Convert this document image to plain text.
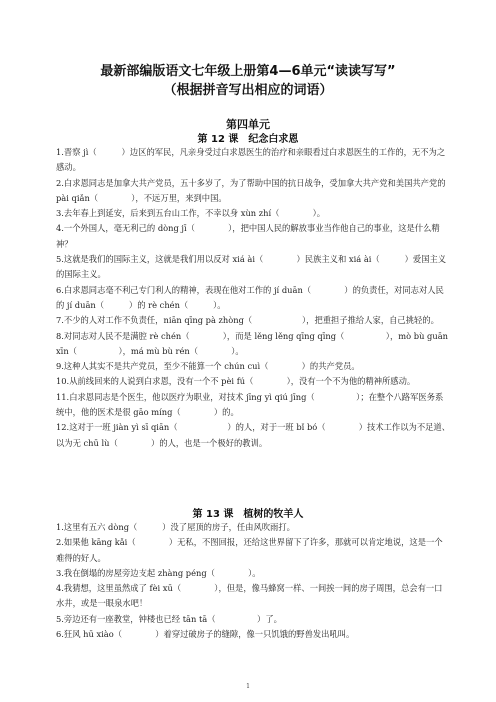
最新部编版语文七年级上册第4—6单元“读读写写”
（根据拼音写出相应的词语）
第四单元
第 12 课　纪念白求恩

1.晋察 jì（　　　）边区的军民，凡亲身受过白求恩医生的治疗和亲眼看过白求恩医生的工作的，无不为之感动。

2.白求恩同志是加拿大共产党员，五十多岁了，为了帮助中国的抗日战争，受加拿大共产党和美国共产党的 pài qiǎn（　　　　），不远万里，来到中国。

3.去年春上到延安，后来到五台山工作，不幸以身 xùn zhí（　　　　）。

4.一个外国人，毫无利己的 dòng jī（　　　　），把中国人民的解放事业当作他自己的事业，这是什么精神？

5.这就是我们的国际主义，这就是我们用以反对 xiá ài（　　　　）民族主义和 xiá ài（　　　）爱国主义的国际主义。

6.白求恩同志毫不利己专门利人的精神，表现在他对工作的 jí duān（　　　　）的负责任，对同志对人民的 jí duān（　　　）的 rè chén（　　　）。

7.不少的人对工作不负责任，niān qīng pà zhòng（　　　　　　），把重担子推给人家，自己挑轻的。

8.对同志对人民不是满腔 rè chén（　　　　），而是 lěng lěng qīng qīng（　　　　　），mò bù guān xīn（　　　　　），má mù bù rén（　　　　）。

9.这种人其实不是共产党员，至少不能算一个 chún cuì（　　　　）的共产党员。

10.从前线回来的人说到白求恩，没有一个不 pèi fú（　　　　），没有一个不为他的精神所感动。

11.白求恩同志是个医生，他以医疗为职业，对技术 jīng yì qiú jīng（　　　　　）；在整个八路军医务系统中，他的医术是很 gāo míng（　　　　）的。

12.这对于一班 jiàn yì sī qiān（　　　　　　）的人，对于一班 bǐ bó（　　　　）技术工作以为不足道、以为无 chū lù（　　　　）的人，也是一个极好的教训。

第 13 课　植树的牧羊人

1.这里有五六 dòng（　　　）没了屋顶的房子，任由风吹雨打。

2.如果他 kāng kǎi（　　　　）无私，不图回报，还给这世界留下了许多，那就可以肯定地说，这是一个难得的好人。

3.我在倒塌的房屋旁边支起 zhàng péng（　　　　）。

4.我猜想，这里虽然成了 fèi xū（　　　　），但是，像马蜂窝一样、一间挨一间的房子周围，总会有一口水井，或是一眼泉水吧！

5.旁边还有一座教堂，钟楼也已经 tān tā（　　　　　）了。

6.狂风 hū xiào（　　　　）着穿过破房子的缝隙，像一只饥饿的野兽发出吼叫。

1
